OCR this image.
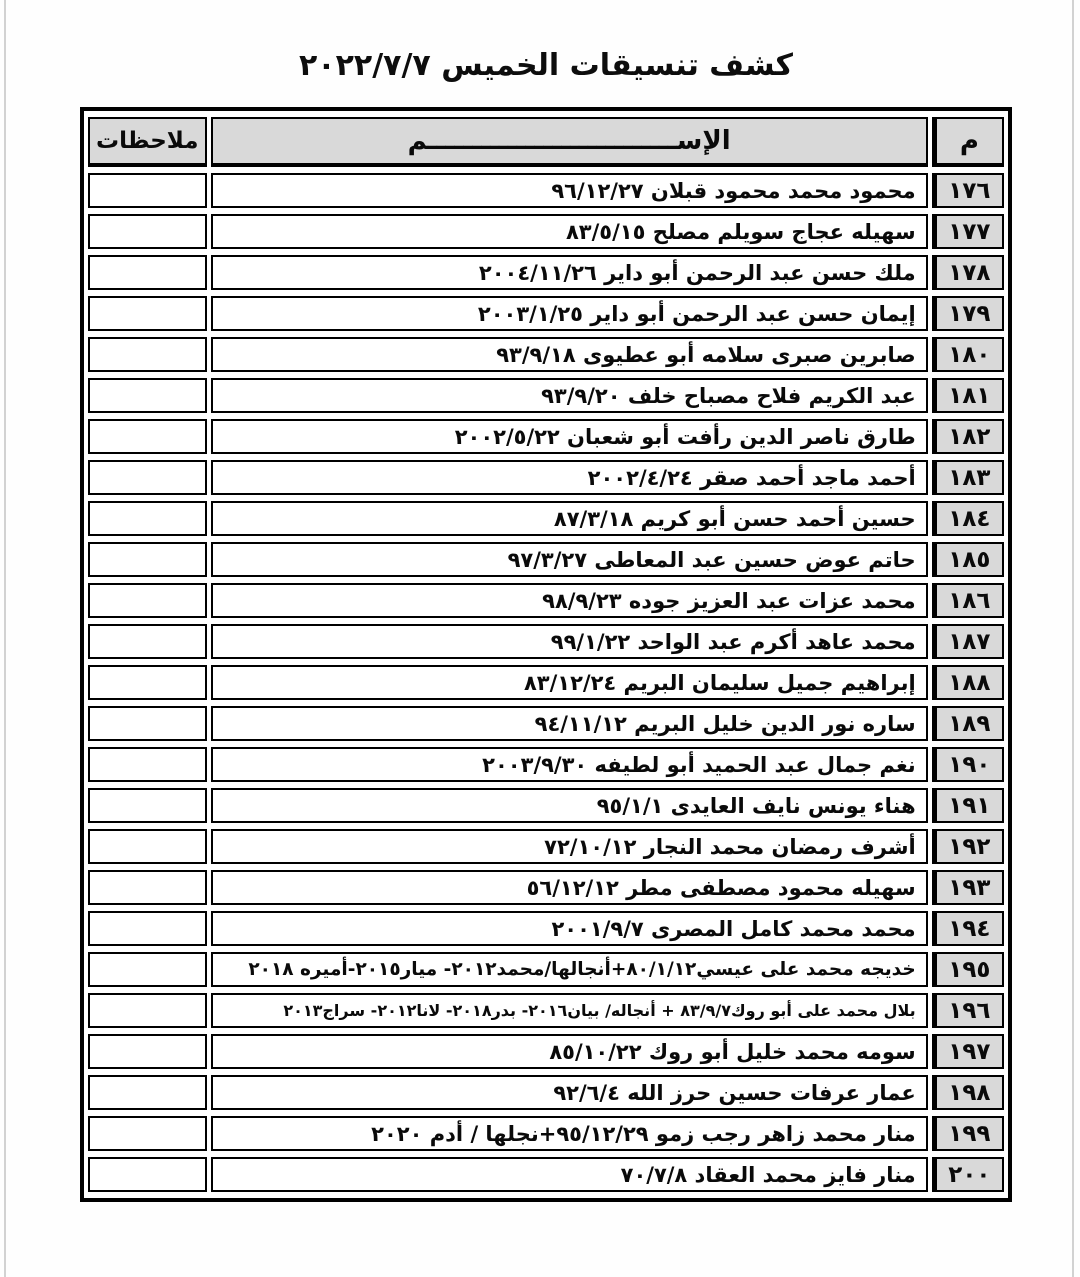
كشف تنسيقات الخميس ٢٠٢٢/٧/٧
م	الإســــــــــــــــــــــــــــم	ملاحظات
١٧٦	محمود محمد محمود قبلان ٩٦/١٢/٢٧	
١٧٧	سهيله عجاج سويلم مصلح ٨٣/٥/١٥	
١٧٨	ملك حسن عبد الرحمن أبو داير ٢٠٠٤/١١/٢٦	
١٧٩	إيمان حسن عبد الرحمن أبو داير ٢٠٠٣/١/٢٥	
١٨٠	صابرين صبرى سلامه أبو عطيوى ٩٣/٩/١٨	
١٨١	عبد الكريم فلاح مصباح خلف ٩٣/٩/٢٠	
١٨٢	طارق ناصر الدين رأفت أبو شعبان ٢٠٠٢/٥/٢٢	
١٨٣	أحمد ماجد أحمد صقر ٢٠٠٢/٤/٢٤	
١٨٤	حسين أحمد حسن أبو كريم ٨٧/٣/١٨	
١٨٥	حاتم عوض حسين عبد المعاطى ٩٧/٣/٢٧	
١٨٦	محمد عزات عبد العزيز جوده ٩٨/٩/٢٣	
١٨٧	محمد عاهد أكرم عبد الواحد ٩٩/١/٢٢	
١٨٨	إبراهيم جميل سليمان البريم ٨٣/١٢/٢٤	
١٨٩	ساره نور الدين خليل البريم ٩٤/١١/١٢	
١٩٠	نغم جمال عبد الحميد أبو لطيفه ٢٠٠٣/٩/٣٠	
١٩١	هناء يونس نايف العايدى ٩٥/١/١	
١٩٢	أشرف رمضان محمد النجار ٧٢/١٠/١٢	
١٩٣	سهيله محمود مصطفى مطر ٥٦/١٢/١٢	
١٩٤	محمد محمد كامل المصرى ٢٠٠١/٩/٧	
١٩٥	خديجه محمد على عيسي٨٠/١/١٢+أنجالها/محمد٢٠١٢- ميار٢٠١٥-أميره ٢٠١٨	
١٩٦	بلال محمد على أبو روك٨٣/٩/٧ + أنجاله/ بيان٢٠١٦- بدر٢٠١٨- لانا٢٠١٢- سراج٢٠١٣	
١٩٧	سومه محمد خليل أبو روك ٨٥/١٠/٢٢	
١٩٨	عمار عرفات حسين حرز الله ٩٢/٦/٤	
١٩٩	منار محمد زاهر رجب زمو ٩٥/١٢/٢٩+نجلها / أدم ٢٠٢٠	
٢٠٠	منار فايز محمد العقاد ٧٠/٧/٨	
